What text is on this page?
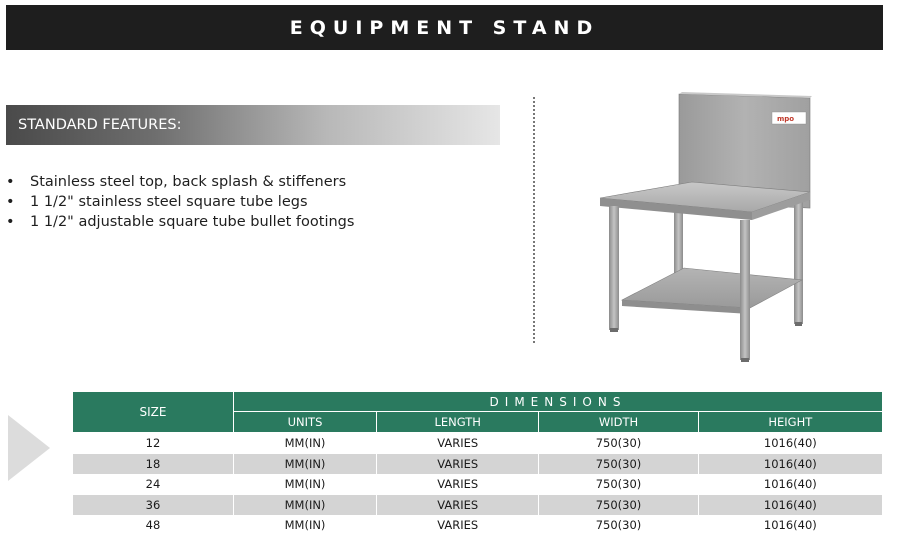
EQUIPMENT STAND
STANDARD FEATURES:
• Stainless steel top, back splash & stiffeners
• 1 1/2" stainless steel square tube legs
• 1 1/2" adjustable square tube bullet footings
mpo
SIZE	DIMENSIONS			
	UNITS	LENGTH	WIDTH	HEIGHT
12	MM(IN)	VARIES	750(30)	1016(40)
18	MM(IN)	VARIES	750(30)	1016(40)
24	MM(IN)	VARIES	750(30)	1016(40)
36	MM(IN)	VARIES	750(30)	1016(40)
48	MM(IN)	VARIES	750(30)	1016(40)
